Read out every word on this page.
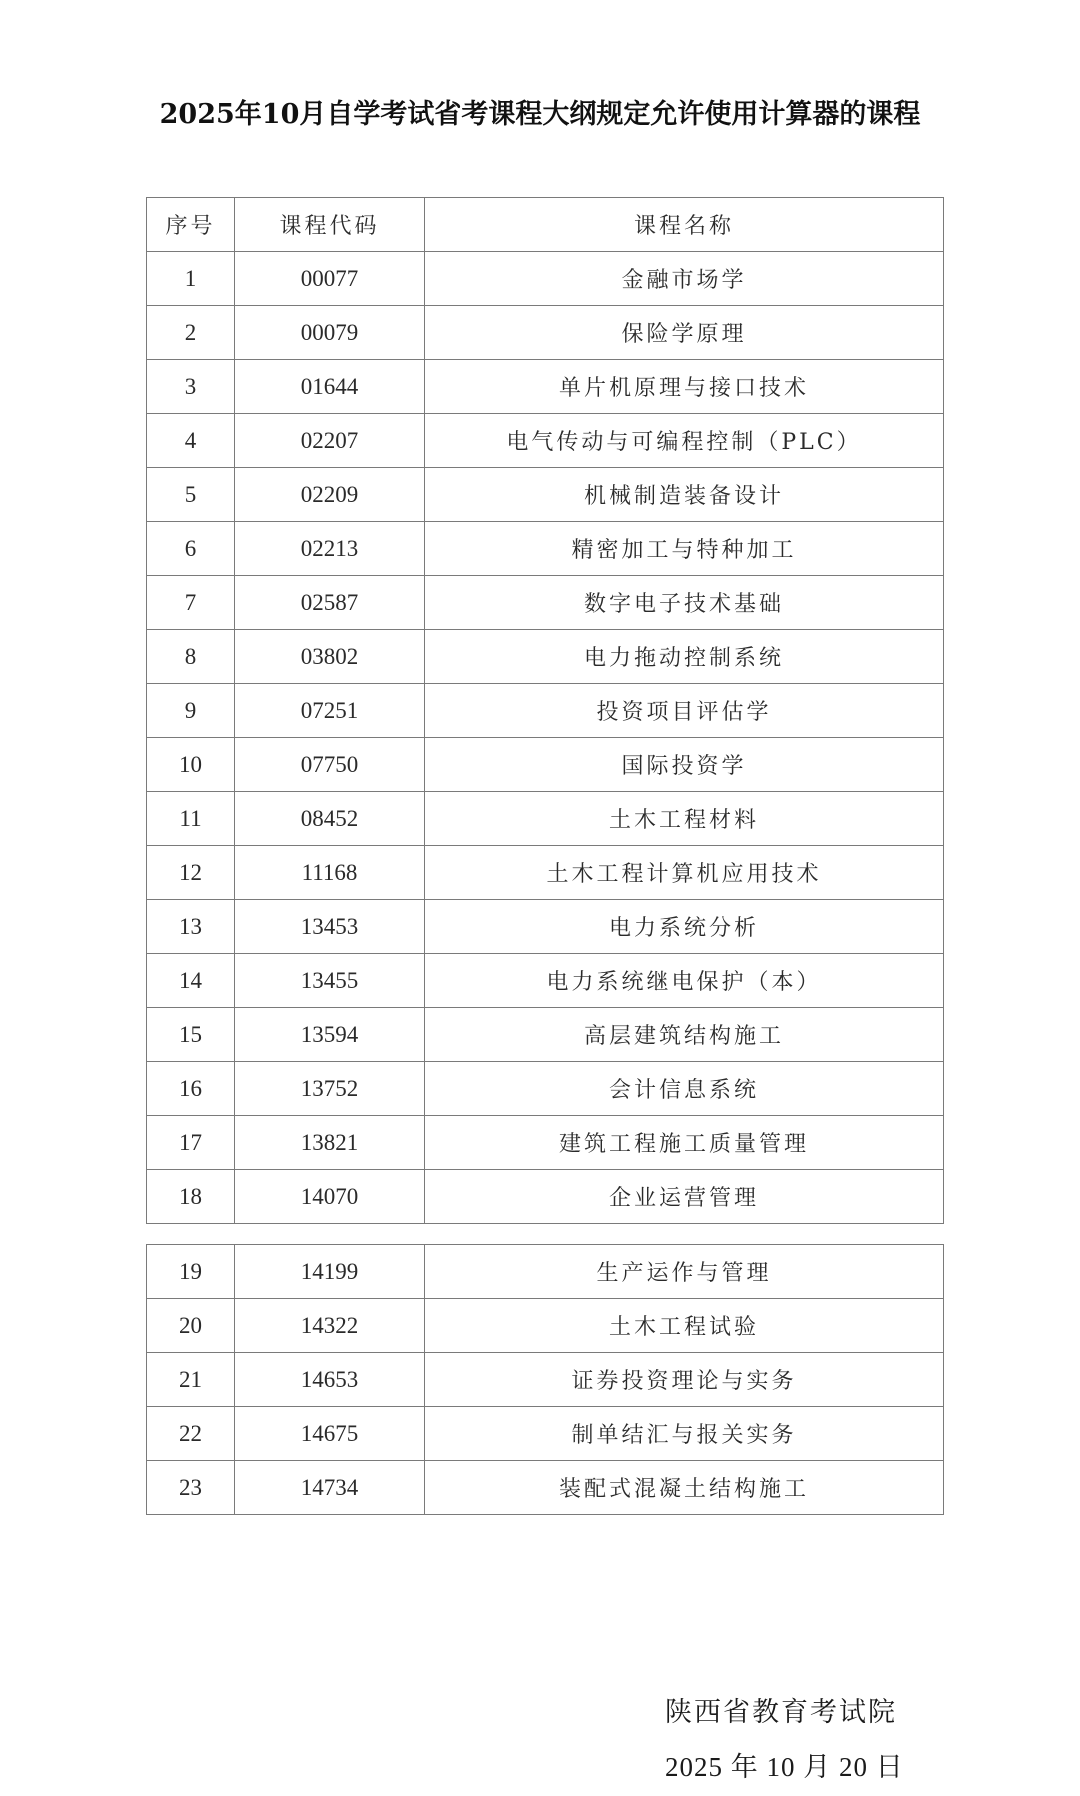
2025年10月自学考试省考课程大纲规定允许使用计算器的课程
序号	课程代码	课程名称
1	00077	金融市场学
2	00079	保险学原理
3	01644	单片机原理与接口技术
4	02207	电气传动与可编程控制（PLC）
5	02209	机械制造装备设计
6	02213	精密加工与特种加工
7	02587	数字电子技术基础
8	03802	电力拖动控制系统
9	07251	投资项目评估学
10	07750	国际投资学
11	08452	土木工程材料
12	11168	土木工程计算机应用技术
13	13453	电力系统分析
14	13455	电力系统继电保护（本）
15	13594	高层建筑结构施工
16	13752	会计信息系统
17	13821	建筑工程施工质量管理
18	14070	企业运营管理
19	14199	生产运作与管理
20	14322	土木工程试验
21	14653	证券投资理论与实务
22	14675	制单结汇与报关实务
23	14734	装配式混凝土结构施工
陕西省教育考试院
2025 年 10 月 20 日
